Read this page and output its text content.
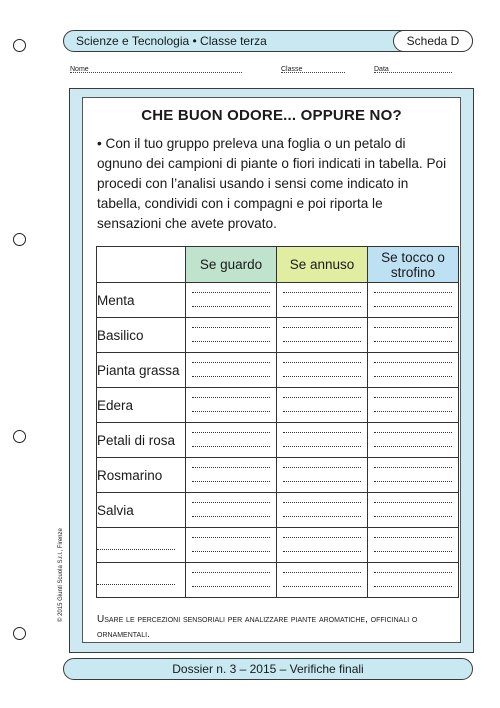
Scienze e Tecnologia • Classe terza	Scheda D
Nome	Classe	Data
CHE BUON ODORE... OPPURE NO?
• Con il tuo gruppo preleva una foglia o un petalo di ognuno dei campioni di piante o fiori indicati in tabella. Poi procedi con l’analisi usando i sensi come indicato in tabella, condividi con i compagni e poi riporta le sensazioni che avete provato.
	Se guardo	Se annuso	Se tocco o strofino
Menta	

Basilico	

Pianta grassa	

Edera	

Petali di rosa	

Rosmarino	

Salvia	

Usare le percezioni sensoriali per analizzare piante aromatiche, officinali o ornamentali.
© 2015 Giunti Scuola S.r.l., Firenze
Dossier n. 3 – 2015 – Verifiche finali
